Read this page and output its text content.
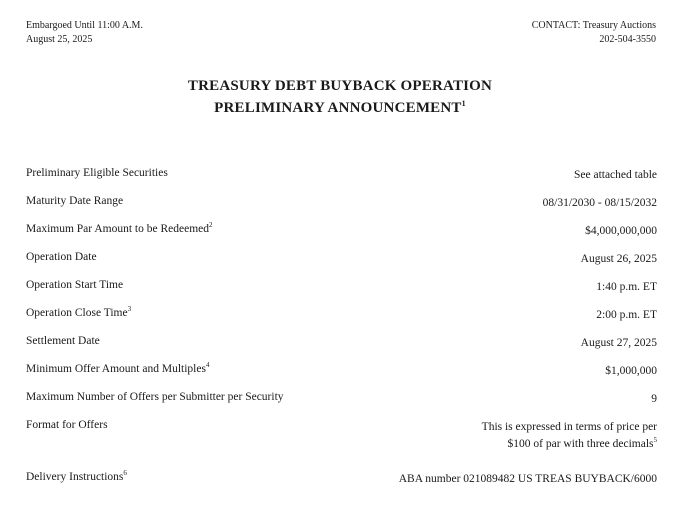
Embargoed Until 11:00 A.M.
August 25, 2025
CONTACT: Treasury Auctions
202-504-3550
TREASURY DEBT BUYBACK OPERATION
PRELIMINARY ANNOUNCEMENT$^1$
Preliminary Eligible Securities	See attached table
Maturity Date Range	08/31/2030 - 08/15/2032
Maximum Par Amount to be Redeemed$^2$	$4,000,000,000
Operation Date	August 26, 2025
Operation Start Time	1:40 p.m. ET
Operation Close Time$^3$	2:00 p.m. ET
Settlement Date	August 27, 2025
Minimum Offer Amount and Multiples$^4$	$1,000,000
Maximum Number of Offers per Submitter per Security	9
Format for Offers	This is expressed in terms of price per
$100 of par with three decimals$^5$
Delivery Instructions$^6$	ABA number 021089482 US TREAS BUYBACK/6000
